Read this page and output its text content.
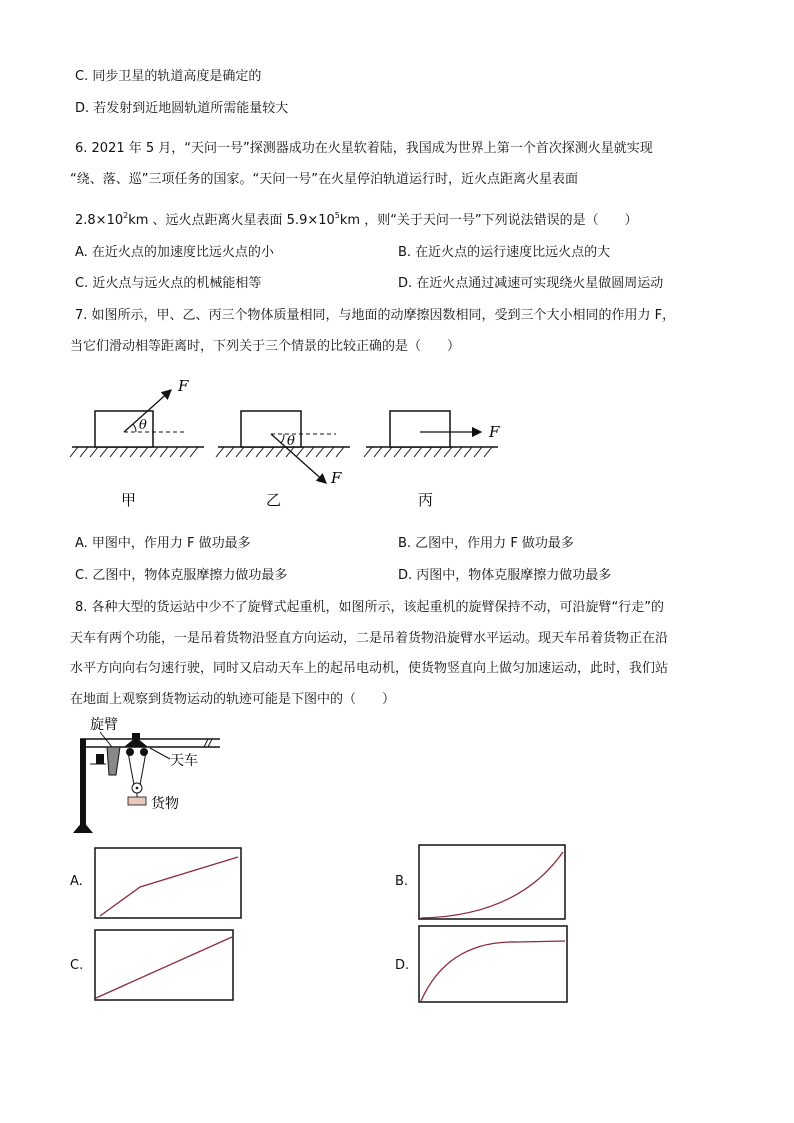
C. 同步卫星的轨道高度是确定的
D. 若发射到近地圆轨道所需能量较大
6. 2021 年 5 月，“天问一号”探测器成功在火星软着陆，我国成为世界上第一个首次探测火星就实现
“绕、落、巡”三项任务的国家。“天问一号”在火星停泊轨道运行时，近火点距离火星表面
$2.8\times 10^2km$ 、远火点距离火星表面 $5.9\times 10^5km$ ，则“关于天问一号”下列说法错误的是（　　）
A. 在近火点的加速度比远火点的小	B. 在近火点的运行速度比远火点的大
C. 近火点与远火点的机械能相等	D. 在近火点通过减速可实现绕火星做圆周运动
7. 如图所示，甲、乙、丙三个物体质量相同，与地面的动摩擦因数相同，受到三个大小相同的作用力 F，
当它们滑动相等距离时，下列关于三个情景的比较正确的是（　　）
θ
F
甲
θ
F
乙
F
丙
A. 甲图中，作用力 F 做功最多	B. 乙图中，作用力 F 做功最多
C. 乙图中，物体克服摩擦力做功最多	D. 丙图中，物体克服摩擦力做功最多
8. 各种大型的货运站中少不了旋臂式起重机，如图所示，该起重机的旋臂保持不动，可沿旋臂“行走”的
天车有两个功能，一是吊着货物沿竖直方向运动，二是吊着货物沿旋臂水平运动。现天车吊着货物正在沿
水平方向向右匀速行驶，同时又启动天车上的起吊电动机，使货物竖直向上做匀加速运动，此时，我们站
在地面上观察到货物运动的轨迹可能是下图中的（　　）
旋臂
天车
货物
A.	B.
C.	D.
